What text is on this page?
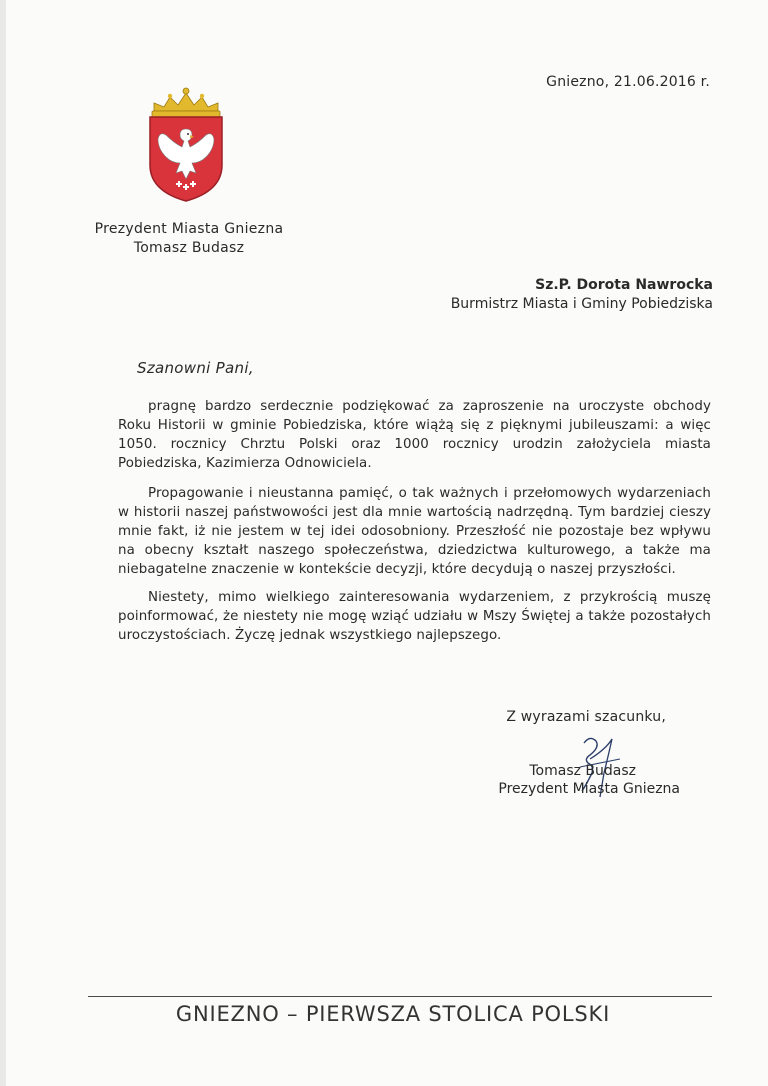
Gniezno, 21.06.2016 r.
Prezydent Miasta Gniezna
Tomasz Budasz
Sz.P. Dorota Nawrocka
Burmistrz Miasta i Gminy Pobiedziska
Szanowni Pani,
pragnę bardzo serdecznie podziękować za zaproszenie na uroczyste obchody Roku Historii w gminie Pobiedziska, które wiążą się z pięknymi jubileuszami: a więc 1050. rocznicy Chrztu Polski oraz 1000 rocznicy urodzin założyciela miasta Pobiedziska, Kazimierza Odnowiciela.
Propagowanie i nieustanna pamięć, o tak ważnych i przełomowych wydarzeniach w historii naszej państwowości jest dla mnie wartością nadrzędną. Tym bardziej cieszy mnie fakt, iż nie jestem w tej idei odosobniony. Przeszłość nie pozostaje bez wpływu na obecny kształt naszego społeczeństwa, dziedzictwa kulturowego, a także ma niebagatelne znaczenie w kontekście decyzji, które decydują o naszej przyszłości.
Niestety, mimo wielkiego zainteresowania wydarzeniem, z przykrością muszę poinformować, że niestety nie mogę wziąć udziału w Mszy Świętej a także pozostałych uroczystościach. Życzę jednak wszystkiego najlepszego.
Z wyrazami szacunku,
Tomasz Budasz
Prezydent Miasta Gniezna
GNIEZNO – PIERWSZA STOLICA POLSKI
